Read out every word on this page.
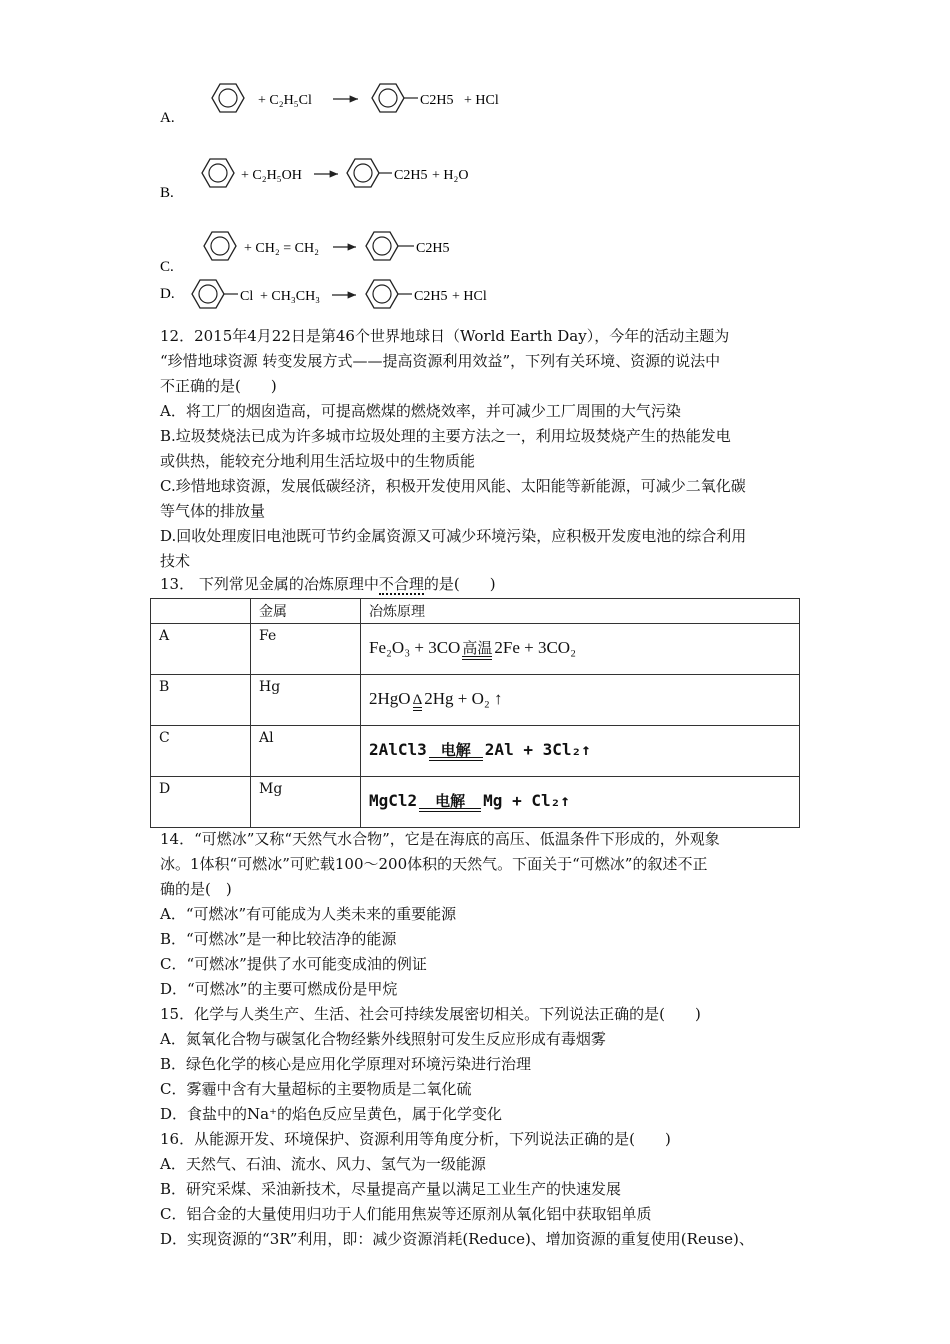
A.
+ C₂H₅Cl	C2H5 + HCl
B.
+ C₂H₅OH	C2H5 + H₂O
C.
+ CH₂ = CH₂	C2H5
D.	Cl + CH₃CH₃	C2H5 + HCl
12．2015年4月22日是第46个世界地球日（World Earth Day），今年的活动主题为
“珍惜地球资源 转变发展方式——提高资源利用效益”，下列有关环境、资源的说法中
不正确的是(　　)
A．将工厂的烟囱造高，可提高燃煤的燃烧效率，并可减少工厂周围的大气污染
B.垃圾焚烧法已成为许多城市垃圾处理的主要方法之一，利用垃圾焚烧产生的热能发电
或供热，能较充分地利用生活垃圾中的生物质能
C.珍惜地球资源，发展低碳经济，积极开发使用风能、太阳能等新能源，可减少二氧化碳
等气体的排放量
D.回收处理废旧电池既可节约金属资源又可减少环境污染，应积极开发废电池的综合利用
技术
13． 下列常见金属的冶炼原理中不合理的是(　　)
	金属	冶炼原理
A	Fe	Fe₂O₃ + 3CO 高温 2Fe + 3CO₂
B	Hg	2HgO Δ 2Hg + O₂ ↑
C	Al	2AlCl3 电解 2Al + 3Cl₂↑
D	Mg	MgCl2 电解 Mg + Cl₂↑
14．“可燃冰”又称“天然气水合物”，它是在海底的高压、低温条件下形成的，外观象
冰。1体积“可燃冰”可贮载100～200体积的天然气。下面关于“可燃冰”的叙述不正
确的是(　)
A．“可燃冰”有可能成为人类未来的重要能源
B．“可燃冰”是一种比较洁净的能源
C．“可燃冰”提供了水可能变成油的例证
D．“可燃冰”的主要可燃成份是甲烷
15．化学与人类生产、生活、社会可持续发展密切相关。下列说法正确的是(　　)
A．氮氧化合物与碳氢化合物经紫外线照射可发生反应形成有毒烟雾
B．绿色化学的核心是应用化学原理对环境污染进行治理
C．雾霾中含有大量超标的主要物质是二氧化硫
D．食盐中的Na⁺的焰色反应呈黄色，属于化学变化
16．从能源开发、环境保护、资源利用等角度分析，下列说法正确的是(　　)
A．天然气、石油、流水、风力、氢气为一级能源
B．研究采煤、采油新技术，尽量提高产量以满足工业生产的快速发展
C．铝合金的大量使用归功于人们能用焦炭等还原剂从氧化铝中获取铝单质
D．实现资源的“3R”利用，即：减少资源消耗(Reduce)、增加资源的重复使用(Reuse)、
